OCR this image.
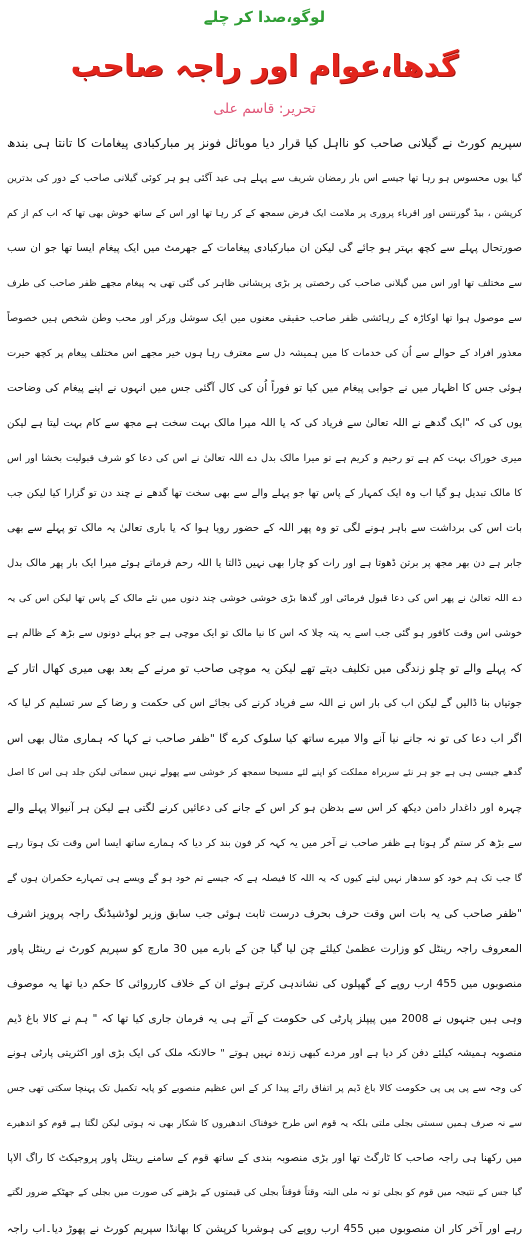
لوگو،صدا کر چلے
گدھا،عوام اور راجہ صاحب
تحریر: قاسم علی
سپریم کورٹ نے گیلانی صاحب کو نااہل کیا قرار دیا موبائل فونز پر مبارکبادی پیغامات کا تانتا ہی بندھ
گیا یوں محسوس ہو رہا تھا جیسے اس بار رمضان شریف سے پہلے ہی عید آگئی ہو ہر کوئی گیلانی صاحب کے دور کی بدترین
کرپشن ، بیڈ گورننس اور اقرباء پروری پر ملامت ایک فرض سمجھ کے کر رہا تھا اور اس کے ساتھ خوش بھی تھا کہ اب کم از کم
صورتحال پہلے سے کچھ بہتر ہو جائے گی لیکن ان مبارکبادی پیغامات کے جھرمٹ میں ایک پیغام ایسا تھا جو ان سب
سے مختلف تھا اور اس میں گیلانی صاحب کی رخصتی پر بڑی پریشانی ظاہر کی گئی تھی یہ پیغام مجھے ظفر صاحب کی طرف
سے موصول ہوا تھا اوکاڑہ کے رہائشی ظفر صاحب حقیقی معنوں میں ایک سوشل ورکر اور محب وطن شخص ہیں خصوصاً
معذور افراد کے حوالے سے اُن کی خدمات کا میں ہمیشہ دل سے معترف رہا ہوں خیر مجھے اس مختلف پیغام پر کچھ حیرت
ہوئی جس کا اظہار میں نے جوابی پیغام میں کیا تو فوراً اُن کی کال آگئی جس میں انہوں نے اپنے پیغام کی وضاحت
یوں کی کہ "ایک گدھے نے اللہ تعالیٰ سے فریاد کی کہ یا اللہ میرا مالک بہت سخت ہے مجھ سے کام بہت لیتا ہے لیکن
میری خوراک بہت کم ہے تو رحیم و کریم ہے تو میرا مالک بدل دے اللہ تعالیٰ نے اس کی دعا کو شرف قبولیت بخشا اور اس
کا مالک تبدیل ہو گیا اب وہ ایک کمہار کے پاس تھا جو پہلے والے سے بھی سخت تھا گدھے نے چند دن تو گزارا کیا لیکن جب
بات اس کی برداشت سے باہر ہونے لگی تو وہ پھر اللہ کے حضور رویا ہوا کہ یا باری تعالیٰ یہ مالک تو پہلے سے بھی
جابر ہے دن بھر مجھ پر برتن ڈھوتا ہے اور رات کو چارا بھی نہیں ڈالتا یا اللہ رحم فرماتے ہوئے میرا ایک بار پھر مالک بدل
دے اللہ تعالیٰ نے پھر اس کی دعا قبول فرمائی اور گدھا بڑی خوشی خوشی چند دنوں میں نئے مالک کے پاس تھا لیکن اس کی یہ
خوشی اس وقت کافور ہو گئی جب اسے یہ پتہ چلا کہ اس کا نیا مالک تو ایک موچی ہے جو پہلے دونوں سے بڑھ کے ظالم ہے
کہ پہلے والے تو چلو زندگی میں تکلیف دیتے تھے لیکن یہ موچی صاحب تو مرنے کے بعد بھی میری کھال اتار کے
جوتیاں بنا ڈالیں گے لیکن اب کی بار اس نے اللہ سے فریاد کرنے کی بجائے اس کی حکمت و رضا کے سر تسلیم کر لیا کہ
اگر اب دعا کی تو نہ جانے نیا آنے والا میرے ساتھ کیا سلوک کرے گا "ظفر صاحب نے کہا کہ ہماری مثال بھی اس
گدھے جیسی ہی ہے جو ہر نئے سربراہ مملکت کو اپنے لئے مسیحا سمجھ کر خوشی سے پھولے نہیں سماتی لیکن جلد ہی اس کا اصل
چہرہ اور داغدار دامن دیکھ کر اس سے بدظن ہو کر اس کے جانے کی دعائیں کرنے لگتی ہے لیکن ہر آنیوالا پہلے والے
سے بڑھ کر ستم گر ہوتا ہے ظفر صاحب نے آخر میں یہ کہہ کر فون بند کر دیا کہ ہمارے ساتھ ایسا اس وقت تک ہوتا رہے
گا جب تک ہم خود کو سدھار نہیں لیتے کیوں کہ یہ اللہ کا فیصلہ ہے کہ جیسے تم خود ہو گے ویسے ہی تمہارے حکمران ہوں گے
"ظفر صاحب کی یہ بات اس وقت حرف بحرف درست ثابت ہوئی جب سابق وزیر لوڈشیڈنگ راجہ پرویز اشرف
المعروف راجہ رینٹل کو وزارت عظمیٰ کیلئے چن لیا گیا جن کے بارے میں 30 مارچ کو سپریم کورٹ نے رینٹل پاور
منصوبوں میں 455 ارب روپے کے گھپلوں کی نشاندہی کرتے ہوئے ان کے خلاف کارروائی کا حکم دیا تھا یہ موصوف
وہی ہیں جنہوں نے 2008 میں پیپلز پارٹی کی حکومت کے آتے ہی یہ فرمان جاری کیا تھا کہ " ہم نے کالا باغ ڈیم
منصوبہ ہمیشہ کیلئے دفن کر دیا ہے اور مردے کبھی زندہ نہیں ہوتے " حالانکہ ملک کی ایک بڑی اور اکثریتی پارٹی ہونے
کی وجہ سے پی پی پی حکومت کالا باغ ڈیم پر اتفاق رائے پیدا کر کے اس عظیم منصوبے کو پایہ تکمیل تک پہنچا سکتی تھی جس
سے نہ صرف ہمیں سستی بجلی ملتی بلکہ یہ قوم اس طرح خوفناک اندھیروں کا شکار بھی نہ ہوتی لیکن لگتا ہے قوم کو اندھیرے
میں رکھنا ہی راجہ صاحب کا ٹارگٹ تھا اور بڑی منصوبہ بندی کے ساتھ قوم کے سامنے رینٹل پاور پروجیکٹ کا راگ الاپا
گیا جس کے نتیجہ میں قوم کو بجلی تو نہ ملی البتہ وقتاً فوقتاً بجلی کی قیمتوں کے بڑھنے کی صورت میں بجلی کے جھٹکے ضرور لگتے
رہے اور آخر کار ان منصوبوں میں 455 ارب روپے کی ہوشربا کرپشن کا بھانڈا سپریم کورٹ نے پھوڑ دیا۔اب راجہ
